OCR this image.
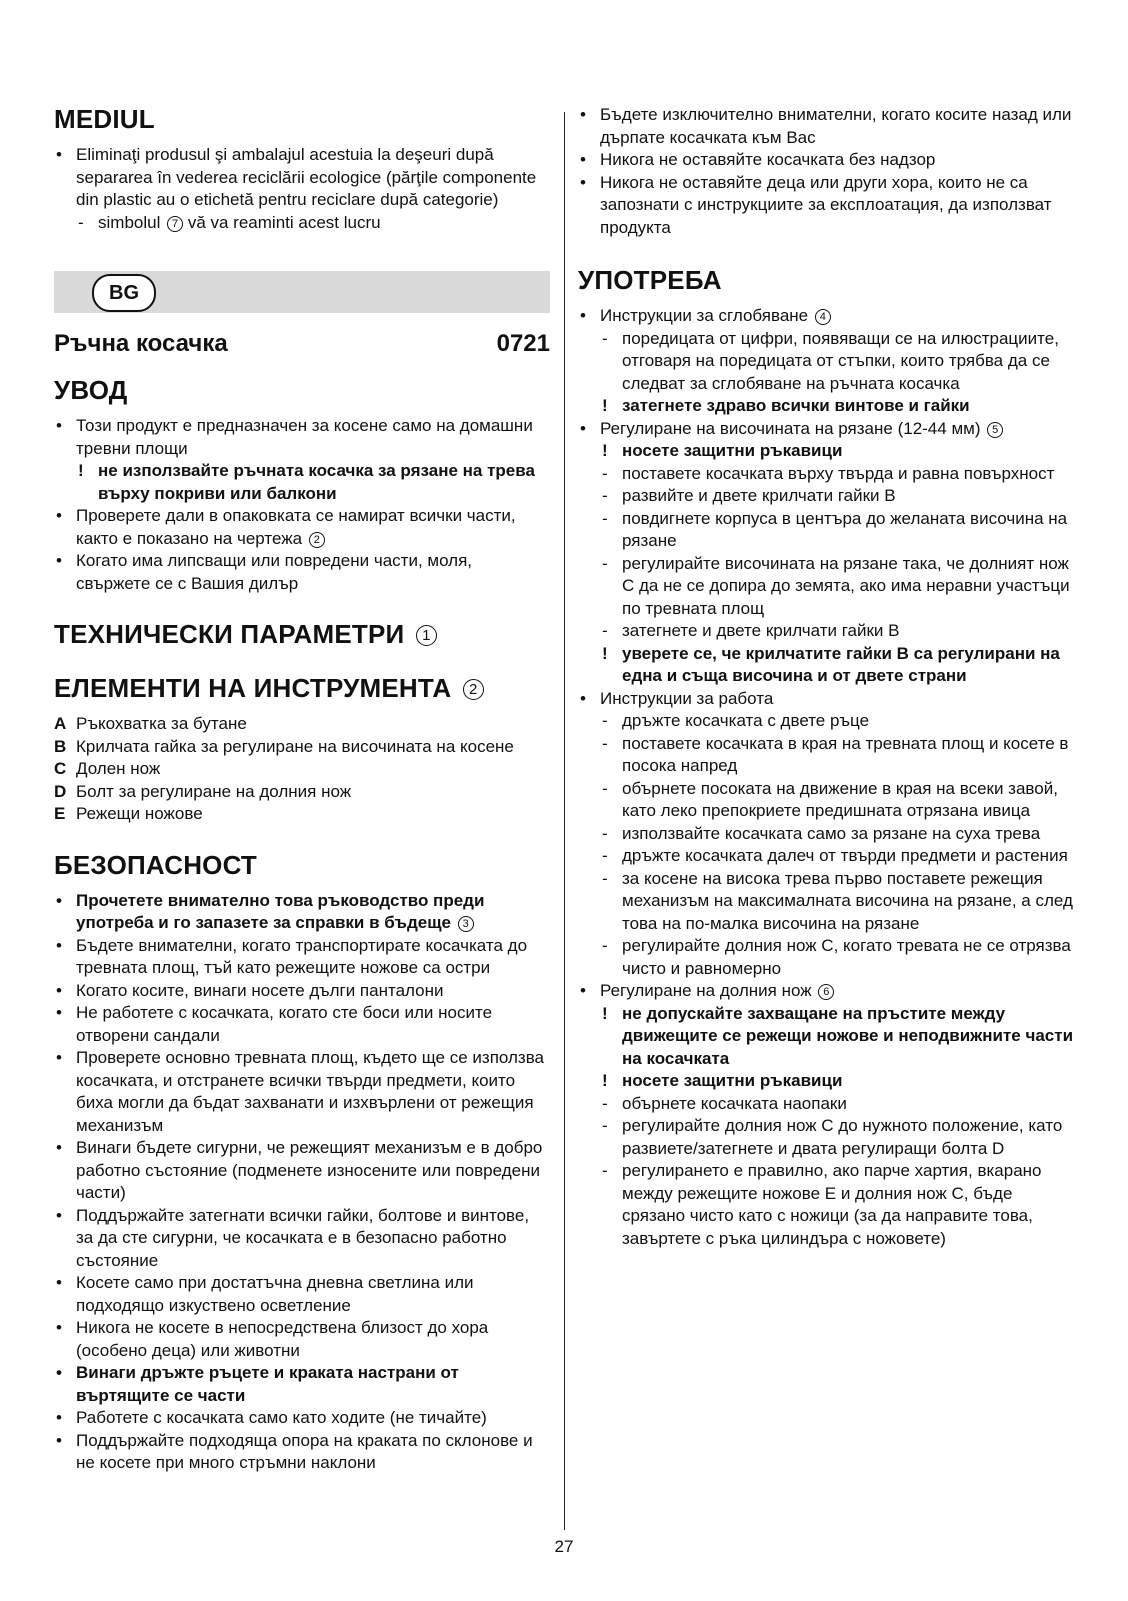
MEDIUL
• Eliminaţi produsul şi ambalajul acestuia la deşeuri după separarea în vederea reciclării ecologice (părţile componente din plastic au o etichetă pentru reciclare după categorie)
- simbolul 7 vă va reaminti acest lucru
BG
Ръчна косачка	0721
УВОД
• Този продукт е предназначен за косене само на домашни тревни площи
! не използвайте ръчната косачка за рязане на трева върху покриви или балкони
• Проверете дали в опаковката се намират всички части, както е показано на чертежа 2
• Когато има липсващи или повредени части, моля, свържете се с Вашия дилър
ТЕХНИЧЕСКИ ПАРАМЕТРИ 1
ЕЛЕМЕНТИ НА ИНСТРУМЕНТА 2
A Ръкохватка за бутане
B Крилчата гайка за регулиране на височината на косене
C Долен нож
D Болт за регулиране на долния нож
E Режещи ножове
БЕЗОПАСНОСТ
• Прочетете внимателно това ръководство преди употреба и го запазете за справки в бъдеще 3
• Бъдете внимателни, когато транспортирате косачката до тревната площ, тъй като режещите ножове са остри
• Когато косите, винаги носете дълги панталони
• Не работете с косачката, когато сте боси или носите отворени сандали
• Проверете основно тревната площ, където ще се използва косачката, и отстранете всички твърди предмети, които биха могли да бъдат захванати и изхвърлени от режещия механизъм
• Винаги бъдете сигурни, че режещият механизъм е в добро работно състояние (подменете износените или повредени части)
• Поддържайте затегнати всички гайки, болтове и винтове, за да сте сигурни, че косачката е в безопасно работно състояние
• Косете само при достатъчна дневна светлина или подходящо изкуствено осветление
• Никога не косете в непосредствена близост до хора (особено деца) или животни
• Винаги дръжте ръцете и краката настрани от въртящите се части
• Работете с косачката само като ходите (не тичайте)
• Поддържайте подходяща опора на краката по склонове и не косете при много стръмни наклони
• Бъдете изключително внимателни, когато косите назад или дърпате косачката към Вас
• Никога не оставяйте косачката без надзор
• Никога не оставяйте деца или други хора, които не са запознати с инструкциите за експлоатация, да използват продукта
УПОТРЕБА
• Инструкции за сглобяване 4
- поредицата от цифри, появяващи се на илюстрациите, отговаря на поредицата от стъпки, които трябва да се следват за сглобяване на ръчната косачка
! затегнете здраво всички винтове и гайки
• Регулиране на височината на рязане (12-44 мм) 5
! носете защитни ръкавици
- поставете косачката върху твърда и равна повърхност
- развийте и двете крилчати гайки B
- повдигнете корпуса в центъра до желаната височина на рязане
- регулирайте височината на рязане така, че долният нож C да не се допира до земята, ако има неравни участъци по тревната площ
- затегнете и двете крилчати гайки B
! уверете се, че крилчатите гайки B са регулирани на една и съща височина и от двете страни
• Инструкции за работа
- дръжте косачката с двете ръце
- поставете косачката в края на тревната площ и косете в посока напред
- обърнете посоката на движение в края на всеки завой, като леко препокриете предишната отрязана ивица
- използвайте косачката само за рязане на суха трева
- дръжте косачката далеч от твърди предмети и растения
- за косене на висока трева първо поставете режещия механизъм на максималната височина на рязане, а след това на по-малка височина на рязане
- регулирайте долния нож C, когато тревата не се отрязва чисто и равномерно
• Регулиране на долния нож 6
! не допускайте захващане на пръстите между движещите се режещи ножове и неподвижните части на косачката
! носете защитни ръкавици
- обърнете косачката наопаки
- регулирайте долния нож C до нужното положение, като развиете/затегнете и двата регулиращи болта D
- регулирането е правилно, ако парче хартия, вкарано между режещите ножове E и долния нож C, бъде срязано чисто като с ножици (за да направите това, завъртете с ръка цилиндъра с ножовете)
27
